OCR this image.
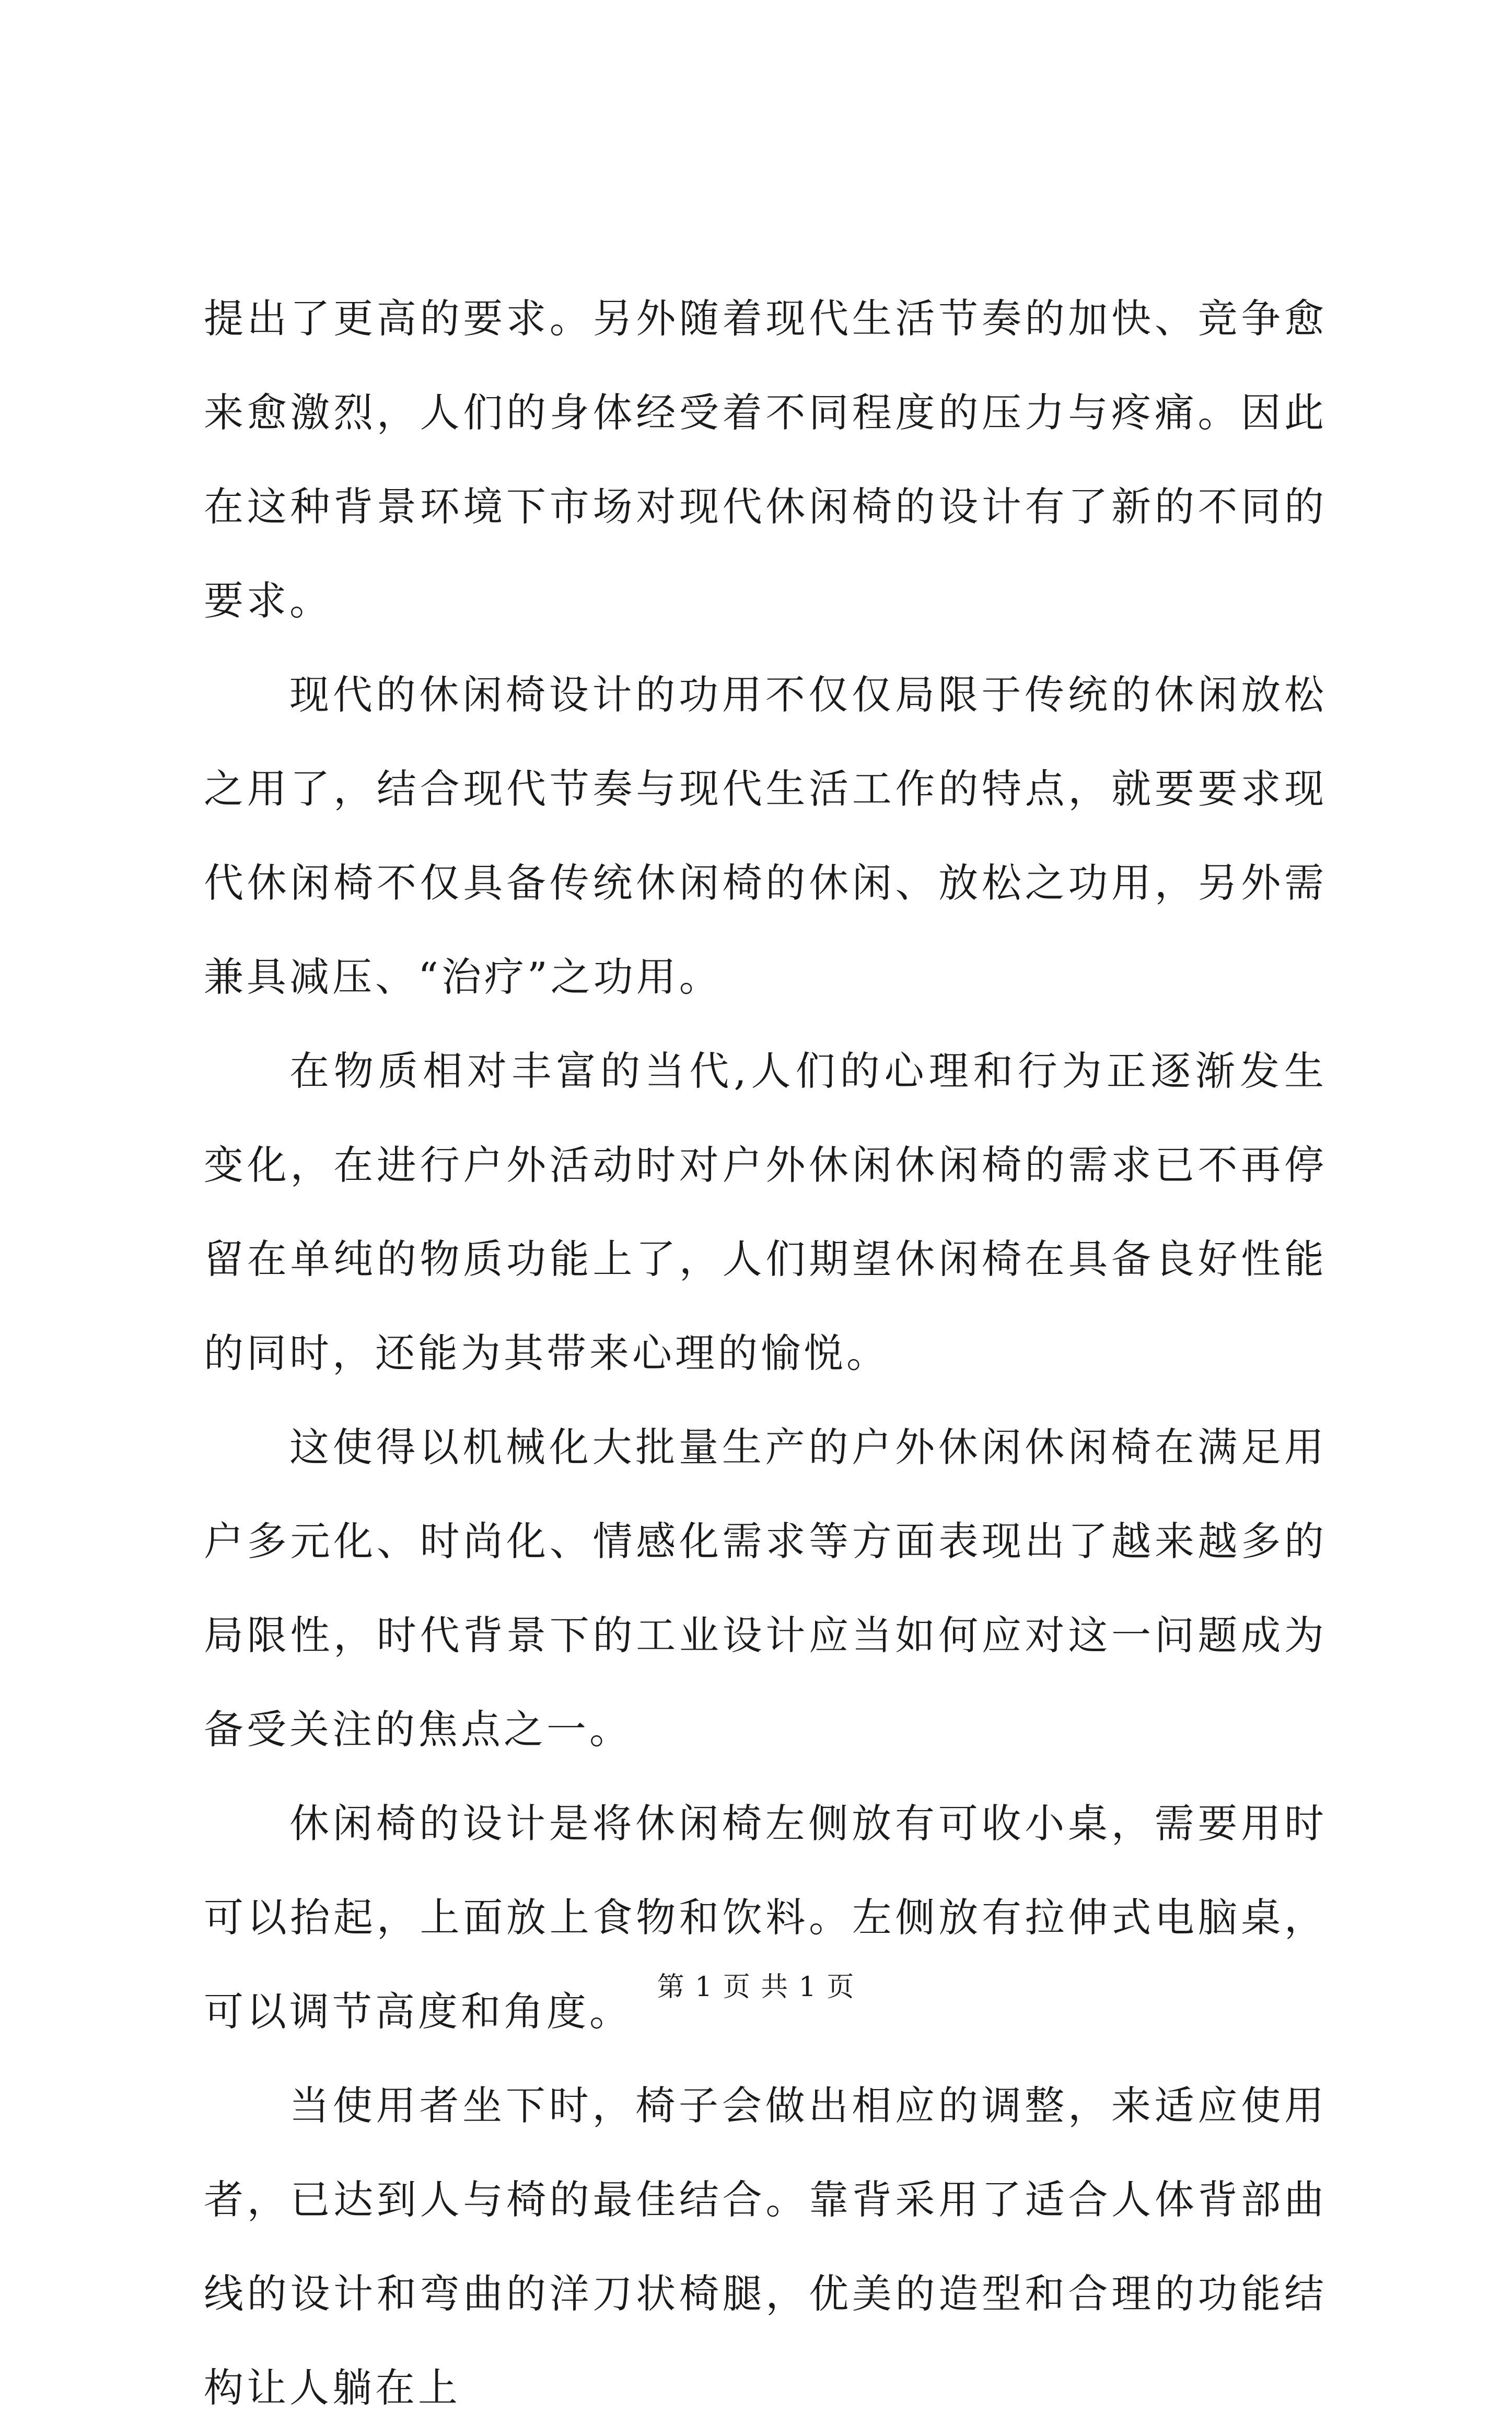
提出了更高的要求。另外随着现代生活节奏的加快、竞争愈来愈激烈，人们的身体经受着不同程度的压力与疼痛。因此在这种背景环境下市场对现代休闲椅的设计有了新的不同的要求。

现代的休闲椅设计的功用不仅仅局限于传统的休闲放松之用了，结合现代节奏与现代生活工作的特点，就要要求现代休闲椅不仅具备传统休闲椅的休闲、放松之功用，另外需兼具减压、“治疗”之功用。

在物质相对丰富的当代,人们的心理和行为正逐渐发生变化，在进行户外活动时对户外休闲休闲椅的需求已不再停留在单纯的物质功能上了，人们期望休闲椅在具备良好性能的同时，还能为其带来心理的愉悦。

这使得以机械化大批量生产的户外休闲休闲椅在满足用户多元化、时尚化、情感化需求等方面表现出了越来越多的局限性，时代背景下的工业设计应当如何应对这一问题成为备受关注的焦点之一。

休闲椅的设计是将休闲椅左侧放有可收小桌，需要用时可以抬起，上面放上食物和饮料。左侧放有拉伸式电脑桌，可以调节高度和角度。

当使用者坐下时，椅子会做出相应的调整，来适应使用者，已达到人与椅的最佳结合。靠背采用了适合人体背部曲线的设计和弯曲的洋刀状椅腿，优美的造型和合理的功能结构让人躺在上

第 1 页 共 1 页
